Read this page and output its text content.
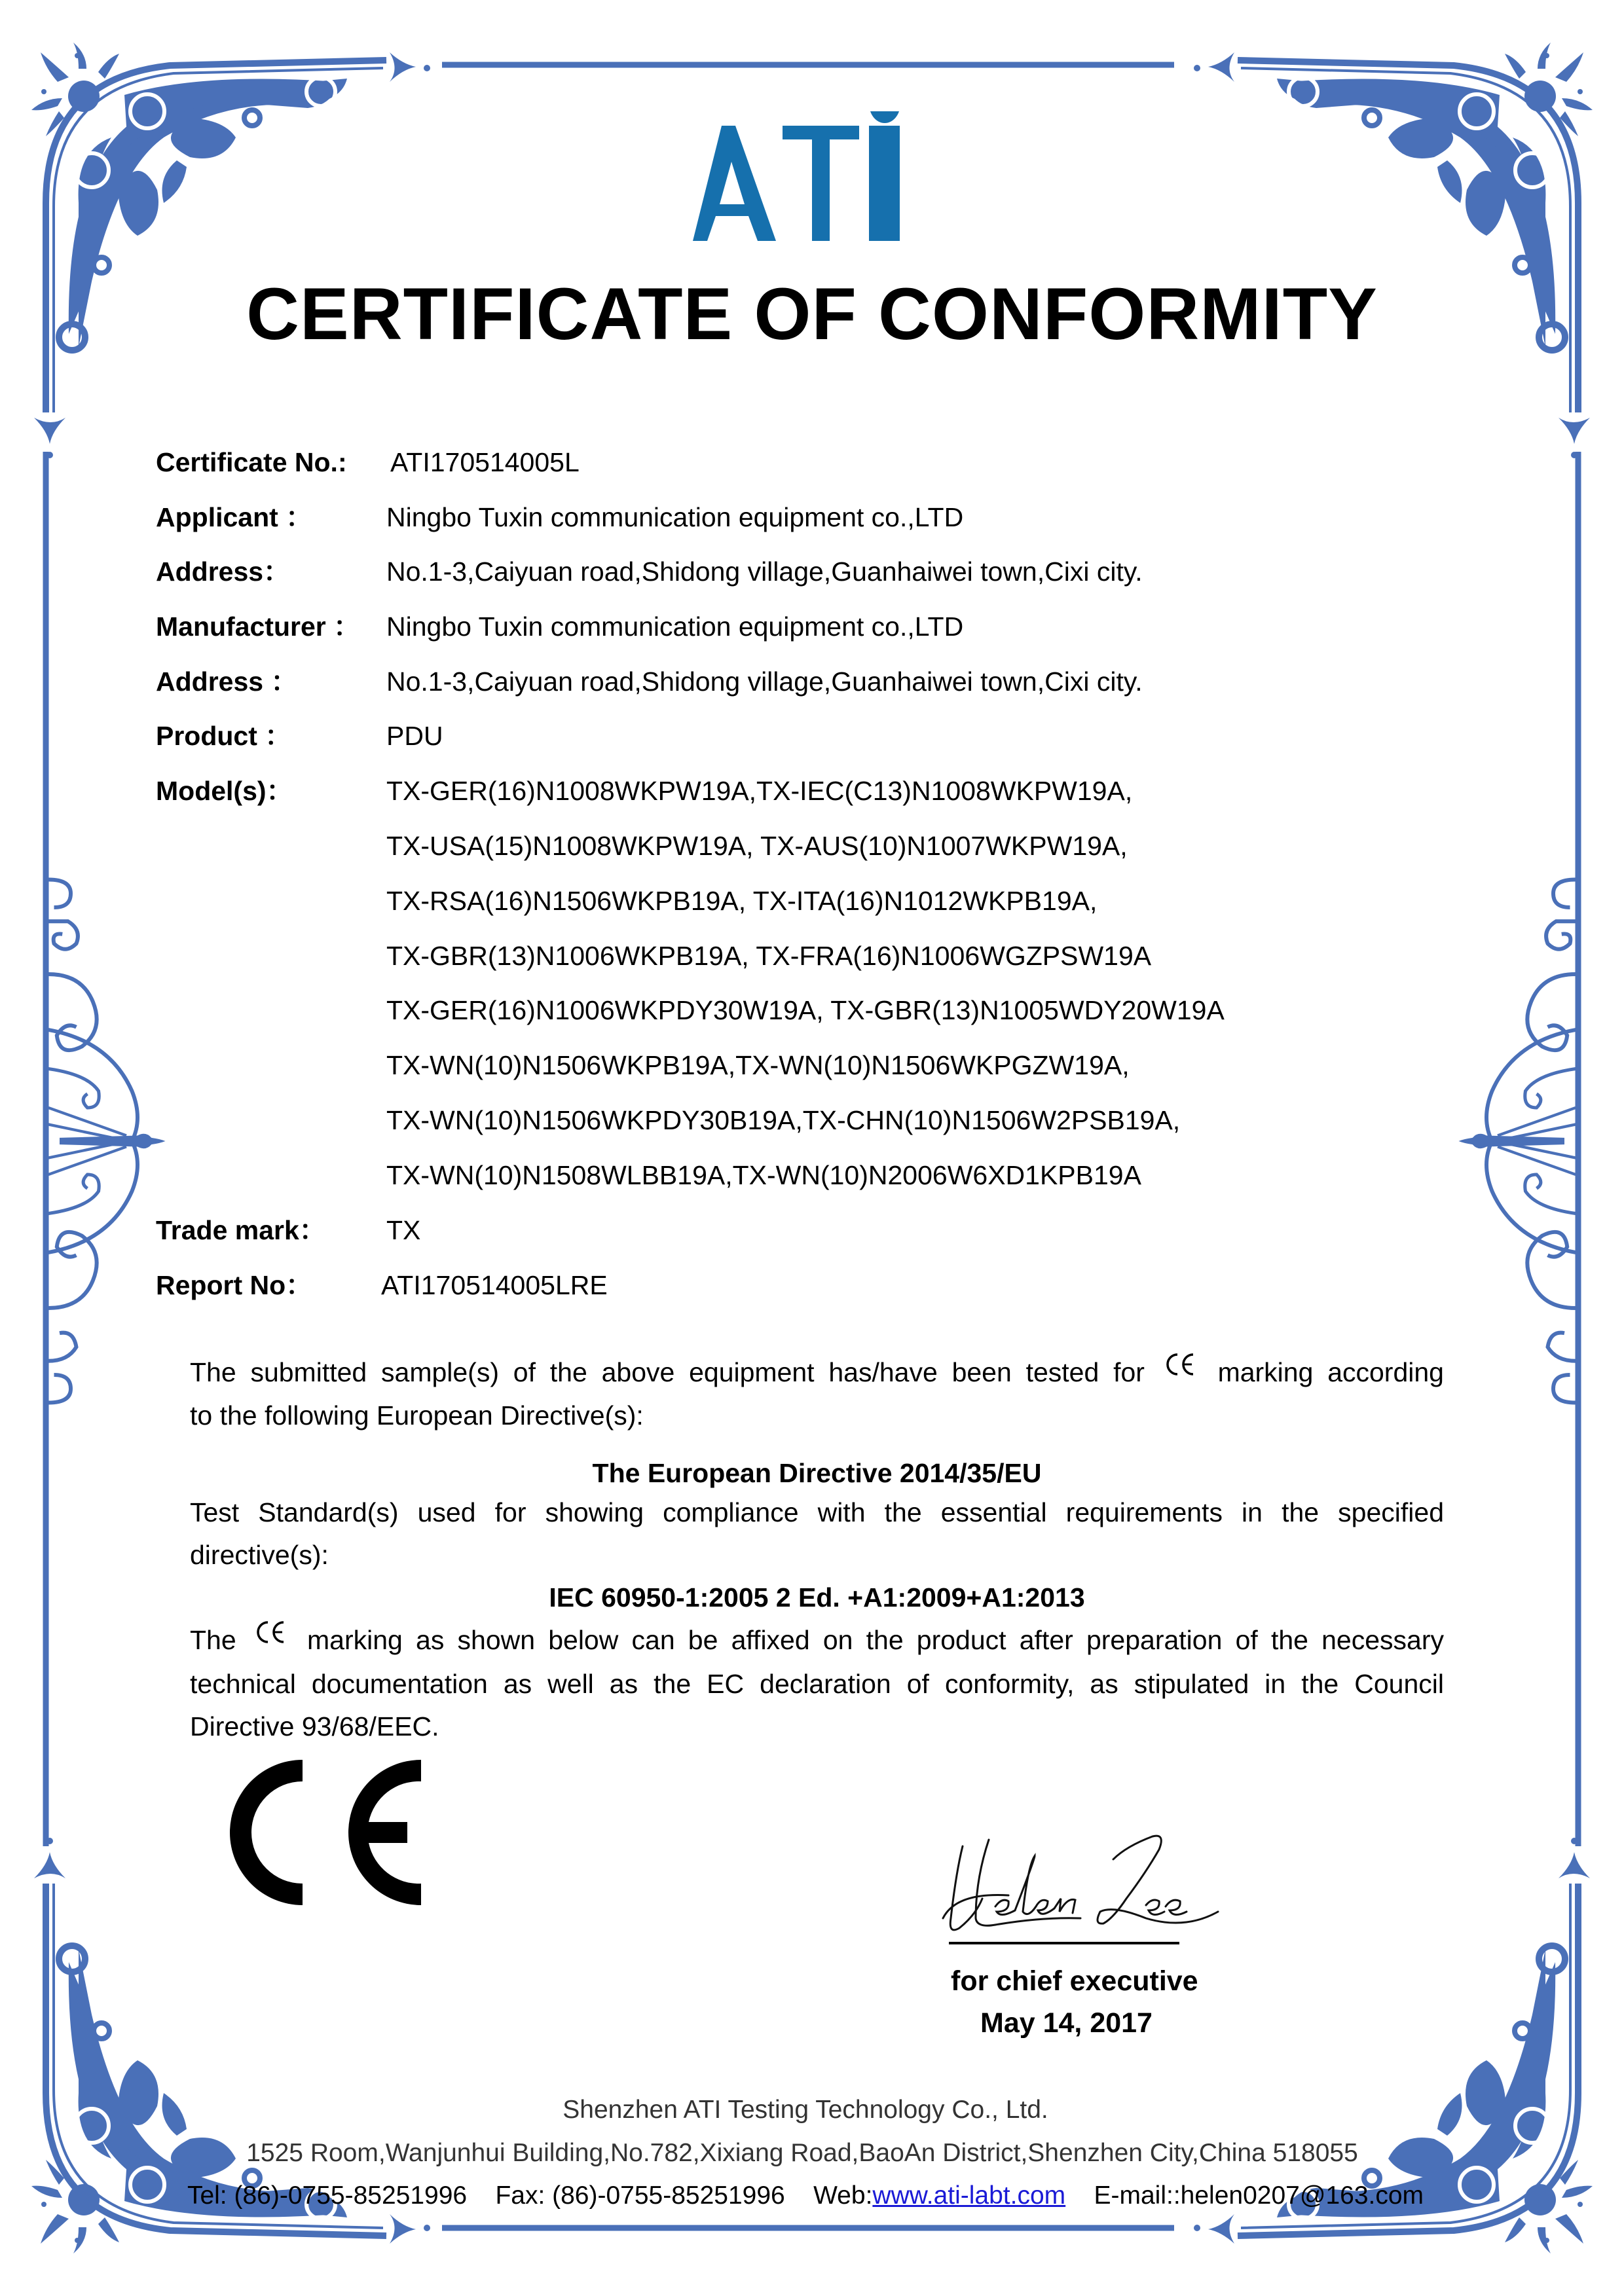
CERTIFICATE OF CONFORMITY
Certificate No.: ATI170514005L
Applicant ：	Ningbo Tuxin communication equipment co.,LTD
Address：	No.1-3,Caiyuan road,Shidong village,Guanhaiwei town,Cixi city.
Manufacturer ： Ningbo Tuxin communication equipment co.,LTD
Address ：	No.1-3,Caiyuan road,Shidong village,Guanhaiwei town,Cixi city.
Product ：	PDU
Model(s)：	TX-GER(16)N1008WKPW19A,TX-IEC(C13)N1008WKPW19A,
TX-USA(15)N1008WKPW19A, TX-AUS(10)N1007WKPW19A,
TX-RSA(16)N1506WKPB19A, TX-ITA(16)N1012WKPB19A,
TX-GBR(13)N1006WKPB19A, TX-FRA(16)N1006WGZPSW19A
TX-GER(16)N1006WKPDY30W19A, TX-GBR(13)N1005WDY20W19A
TX-WN(10)N1506WKPB19A,TX-WN(10)N1506WKPGZW19A,
TX-WN(10)N1506WKPDY30B19A,TX-CHN(10)N1506W2PSB19A,
TX-WN(10)N1508WLBB19A,TX-WN(10)N2006W6XD1KPB19A
Trade mark： TX
Report No：	ATI170514005LRE
The submitted sample(s) of the above equipment has/have been tested for	marking according
to the following European Directive(s):
The European Directive 2014/35/EU
Test Standard(s) used for showing compliance with the essential requirements in the specified
directive(s):
IEC 60950-1:2005 2 Ed. +A1:2009+A1:2013
The	marking as shown below can be affixed on the product after preparation of the necessary
technical documentation as well as the EC declaration of conformity, as stipulated in the Council
Directive 93/68/EEC.
for chief executive
May 14, 2017
Shenzhen ATI Testing Technology Co., Ltd.
1525 Room,Wanjunhui Building,No.782,Xixiang Road,BaoAn District,Shenzhen City,China 518055
Tel: (86)-0755-85251996 Fax: (86)-0755-85251996 Web:www.ati-labt.com E-mail::helen0207@163.com
